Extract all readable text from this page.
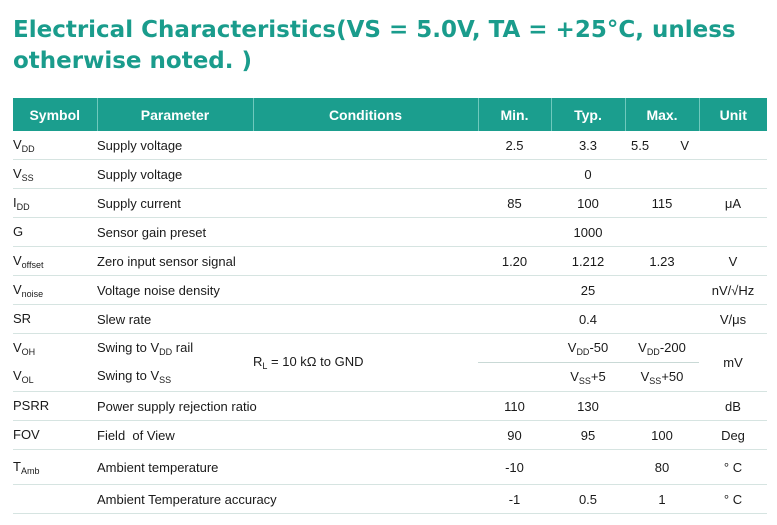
Electrical Characteristics(VS = 5.0V, TA = +25°C, unless otherwise noted. )
Symbol	Parameter	Conditions	Min.	Typ.	Max.	Unit
$V_{DD}$	Supply voltage		2.5	3.3	5.5 V	

$V_{SS}$	Supply voltage			0		
$I_{DD}$	Supply current		85	100	115	μA
G	Sensor gain preset			1000		
$V_{offset}$	Zero input sensor signal		1.20	1.212	1.23	V
$V_{noise}$	Voltage noise density			25		nV/√Hz
SR	Slew rate			0.4		V/μs
$V_{OH}$	Swing to $V_{DD}$ rail	$R_L = 10$ kΩ to GND		$V_{DD}-50$	$V_{DD}-200$	mV
$V_{OL}$	Swing to $V_{SS}$			$V_{SS}+5$	$V_{SS}+50$	
PSRR	Power supply rejection ratio		110	130		dB
FOV	Field  of View		90	95	100	Deg
$T_{Amb}$	Ambient temperature		-10		80	° C
	Ambient Temperature accuracy		-1	0.5	1	° C
